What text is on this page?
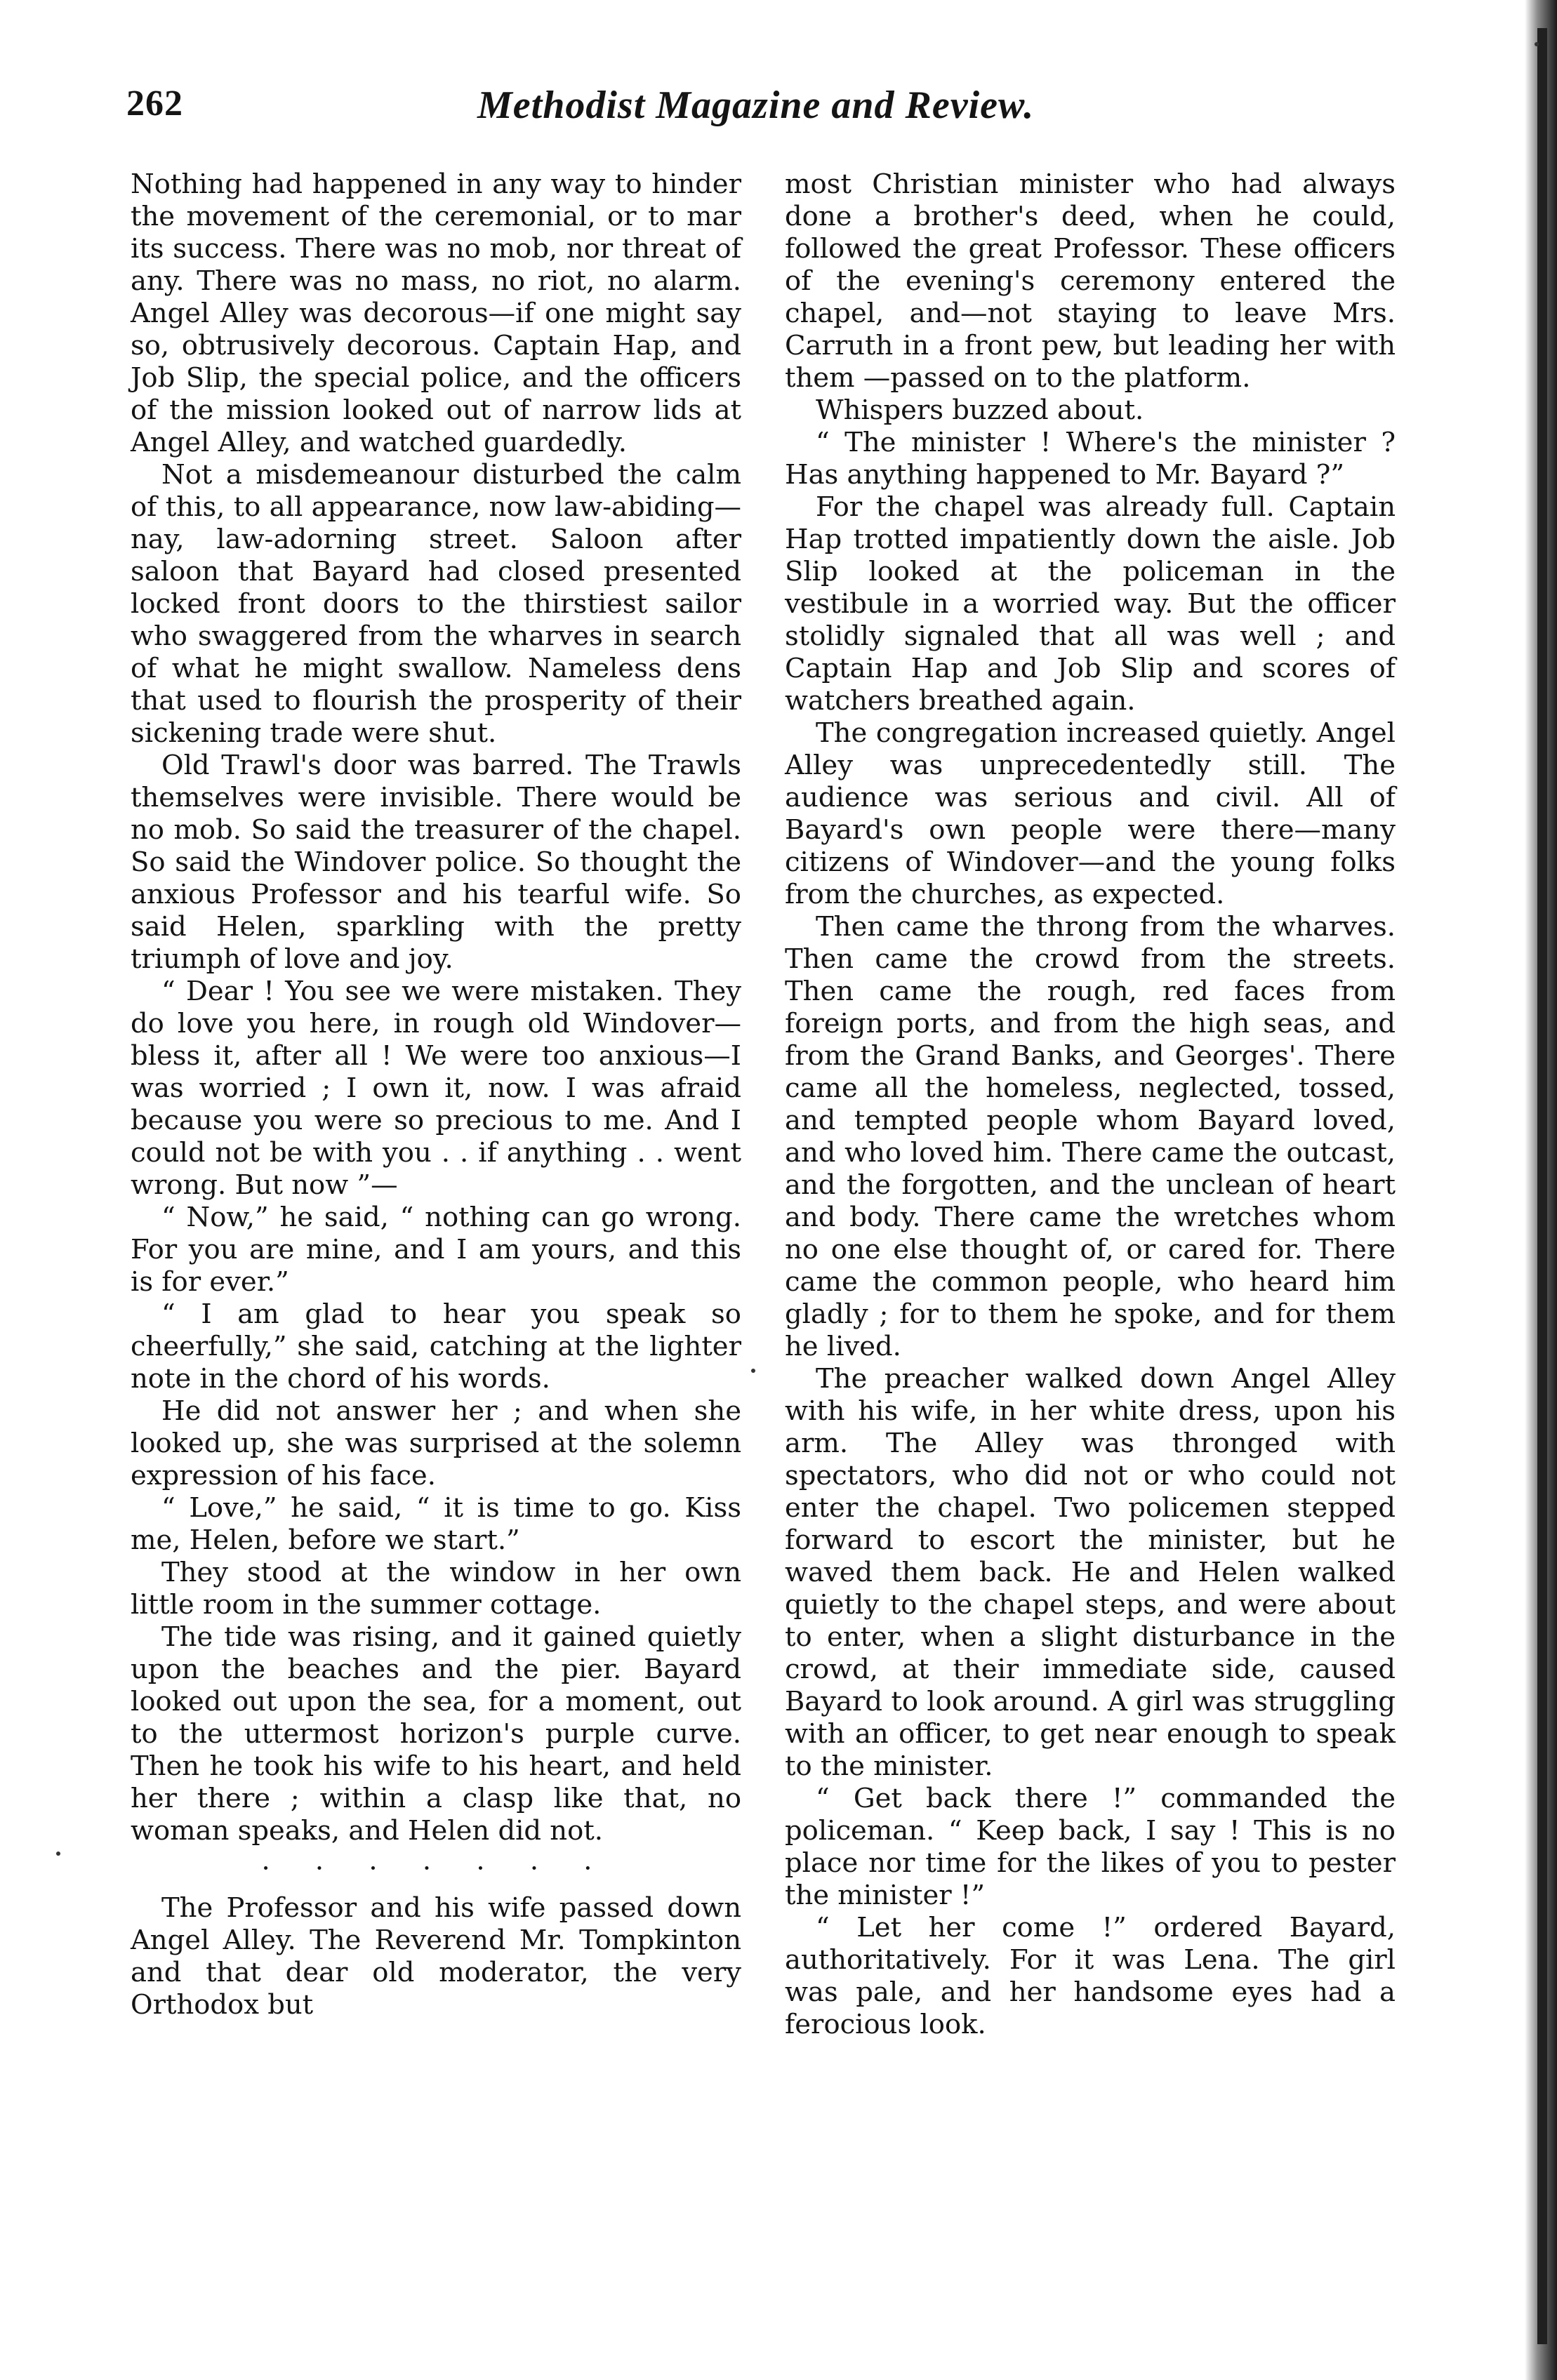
262	Methodist Magazine and Review.

Nothing had happened in any way to hinder the movement of the ceremonial, or to mar its success. There was no mob, nor threat of any. There was no mass, no riot, no alarm. Angel Alley was decorous—if one might say so, obtrusively decorous. Captain Hap, and Job Slip, the special police, and the officers of the mission looked out of narrow lids at Angel Alley, and watched guardedly.

Not a misdemeanour disturbed the calm of this, to all appearance, now law-abiding—nay, law-adorning street. Saloon after saloon that Bayard had closed presented locked front doors to the thirstiest sailor who swaggered from the wharves in search of what he might swallow. Nameless dens that used to flourish the prosperity of their sickening trade were shut.

Old Trawl's door was barred. The Trawls themselves were invisible. There would be no mob. So said the treasurer of the chapel. So said the Windover police. So thought the anxious Professor and his tearful wife. So said Helen, sparkling with the pretty triumph of love and joy.

“ Dear ! You see we were mistaken. They do love you here, in rough old Windover—bless it, after all ! We were too anxious—I was worried ; I own it, now. I was afraid because you were so precious to me. And I could not be with you . . if anything . . went wrong. But now ”—

“ Now,” he said, “ nothing can go wrong. For you are mine, and I am yours, and this is for ever.”

“ I am glad to hear you speak so cheerfully,” she said, catching at the lighter note in the chord of his words.

He did not answer her ; and when she looked up, she was surprised at the solemn expression of his face.

“ Love,” he said, “ it is time to go. Kiss me, Helen, before we start.”

They stood at the window in her own little room in the summer cottage.

The tide was rising, and it gained quietly upon the beaches and the pier. Bayard looked out upon the sea, for a moment, out to the uttermost horizon's purple curve. Then he took his wife to his heart, and held her there ; within a clasp like that, no woman speaks, and Helen did not.

· · · · · · ·

The Professor and his wife passed down Angel Alley. The Reverend Mr. Tompkinton and that dear old moderator, the very Orthodox but

most Christian minister who had always done a brother's deed, when he could, followed the great Professor. These officers of the evening's ceremony entered the chapel, and—not staying to leave Mrs. Carruth in a front pew, but leading her with them —passed on to the platform.

Whispers buzzed about.

“ The minister ! Where's the minister ? Has anything happened to Mr. Bayard ?”

For the chapel was already full. Captain Hap trotted impatiently down the aisle. Job Slip looked at the policeman in the vestibule in a worried way. But the officer stolidly signaled that all was well ; and Captain Hap and Job Slip and scores of watchers breathed again.

The congregation increased quietly. Angel Alley was unprecedentedly still. The audience was serious and civil. All of Bayard's own people were there—many citizens of Windover—and the young folks from the churches, as expected.

Then came the throng from the wharves. Then came the crowd from the streets. Then came the rough, red faces from foreign ports, and from the high seas, and from the Grand Banks, and Georges'. There came all the homeless, neglected, tossed, and tempted people whom Bayard loved, and who loved him. There came the outcast, and the forgotten, and the unclean of heart and body. There came the wretches whom no one else thought of, or cared for. There came the common people, who heard him gladly ; for to them he spoke, and for them he lived.

The preacher walked down Angel Alley with his wife, in her white dress, upon his arm. The Alley was thronged with spectators, who did not or who could not enter the chapel. Two policemen stepped forward to escort the minister, but he waved them back. He and Helen walked quietly to the chapel steps, and were about to enter, when a slight disturbance in the crowd, at their immediate side, caused Bayard to look around. A girl was struggling with an officer, to get near enough to speak to the minister.

“ Get back there !” commanded the policeman. “ Keep back, I say ! This is no place nor time for the likes of you to pester the minister !”

“ Let her come !” ordered Bayard, authoritatively. For it was Lena. The girl was pale, and her handsome eyes had a ferocious look.
